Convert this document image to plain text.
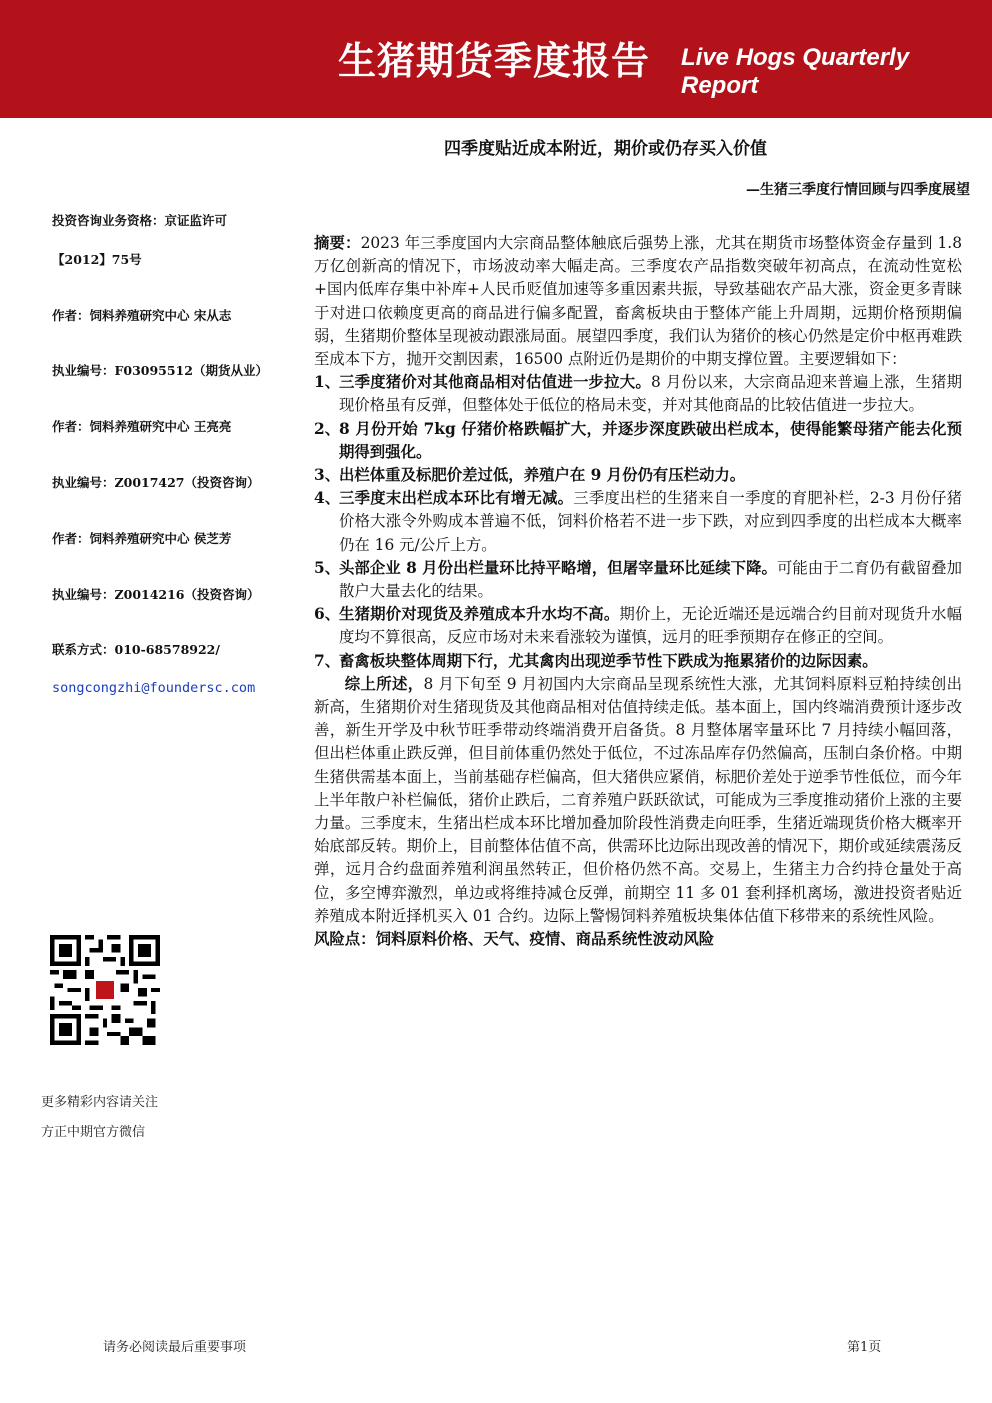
生猪期货季度报告 Live Hogs Quarterly Report
四季度贴近成本附近，期价或仍存买入价值
—生猪三季度行情回顾与四季度展望
投资咨询业务资格：京证监许可
【2012】75号
作者：饲料养殖研究中心 宋从志
执业编号：F03095512（期货从业）
作者：饲料养殖研究中心 王亮亮
执业编号：Z0017427（投资咨询）
作者：饲料养殖研究中心 侯芝芳
执业编号：Z0014216（投资咨询）
联系方式：010-68578922/
songcongzhi@foundersc.com
更多精彩内容请关注
方正中期官方微信

摘要：2023 年三季度国内大宗商品整体触底后强势上涨，尤其在期货市场整体资金存量到 1.8 万亿创新高的情况下，市场波动率大幅走高。三季度农产品指数突破年初高点，在流动性宽松+国内低库存集中补库+人民币贬值加速等多重因素共振，导致基础农产品大涨，资金更多青睐于对进口依赖度更高的商品进行偏多配置，畜禽板块由于整体产能上升周期，远期价格预期偏弱，生猪期价整体呈现被动跟涨局面。展望四季度，我们认为猪价的核心仍然是定价中枢再难跌至成本下方，抛开交割因素，16500 点附近仍是期价的中期支撑位置。主要逻辑如下：

1、
三季度猪价对其他商品相对估值进一步拉大。8 月份以来，大宗商品迎来普遍上涨，生猪期现价格虽有反弹，但整体处于低位的格局未变，并对其他商品的比较估值进一步拉大。
2、
8 月份开始 7kg 仔猪价格跌幅扩大，并逐步深度跌破出栏成本，使得能繁母猪产能去化预期得到强化。
3、
出栏体重及标肥价差过低，养殖户在 9 月份仍有压栏动力。
4、
三季度末出栏成本环比有增无减。三季度出栏的生猪来自一季度的育肥补栏，2-3 月份仔猪价格大涨令外购成本普遍不低，饲料价格若不进一步下跌，对应到四季度的出栏成本大概率仍在 16 元/公斤上方。
5、
头部企业 8 月份出栏量环比持平略增，但屠宰量环比延续下降。可能由于二育仍有截留叠加散户大量去化的结果。
6、
生猪期价对现货及养殖成本升水均不高。期价上，无论近端还是远端合约目前对现货升水幅度均不算很高，反应市场对未来看涨较为谨慎，远月的旺季预期存在修正的空间。
7、
畜禽板块整体周期下行，尤其禽肉出现逆季节性下跌成为拖累猪价的边际因素。

综上所述，8 月下旬至 9 月初国内大宗商品呈现系统性大涨，尤其饲料原料豆粕持续创出新高，生猪期价对生猪现货及其他商品相对估值持续走低。基本面上，国内终端消费预计逐步改善，新生开学及中秋节旺季带动终端消费开启备货。8 月整体屠宰量环比 7 月持续小幅回落，但出栏体重止跌反弹，但目前体重仍然处于低位，不过冻品库存仍然偏高，压制白条价格。中期生猪供需基本面上，当前基础存栏偏高，但大猪供应紧俏，标肥价差处于逆季节性低位，而今年上半年散户补栏偏低，猪价止跌后，二育养殖户跃跃欲试，可能成为三季度推动猪价上涨的主要力量。三季度末，生猪出栏成本环比增加叠加阶段性消费走向旺季，生猪近端现货价格大概率开始底部反转。期价上，目前整体估值不高，供需环比边际出现改善的情况下，期价或延续震荡反弹，远月合约盘面养殖利润虽然转正，但价格仍然不高。交易上，生猪主力合约持仓量处于高位，多空博弈激烈，单边或将维持减仓反弹，前期空 11 多 01 套利择机离场，激进投资者贴近养殖成本附近择机买入 01 合约。边际上警惕饲料养殖板块集体估值下移带来的系统性风险。

风险点：饲料原料价格、天气、疫情、商品系统性波动风险

请务必阅读最后重要事项	第1页
